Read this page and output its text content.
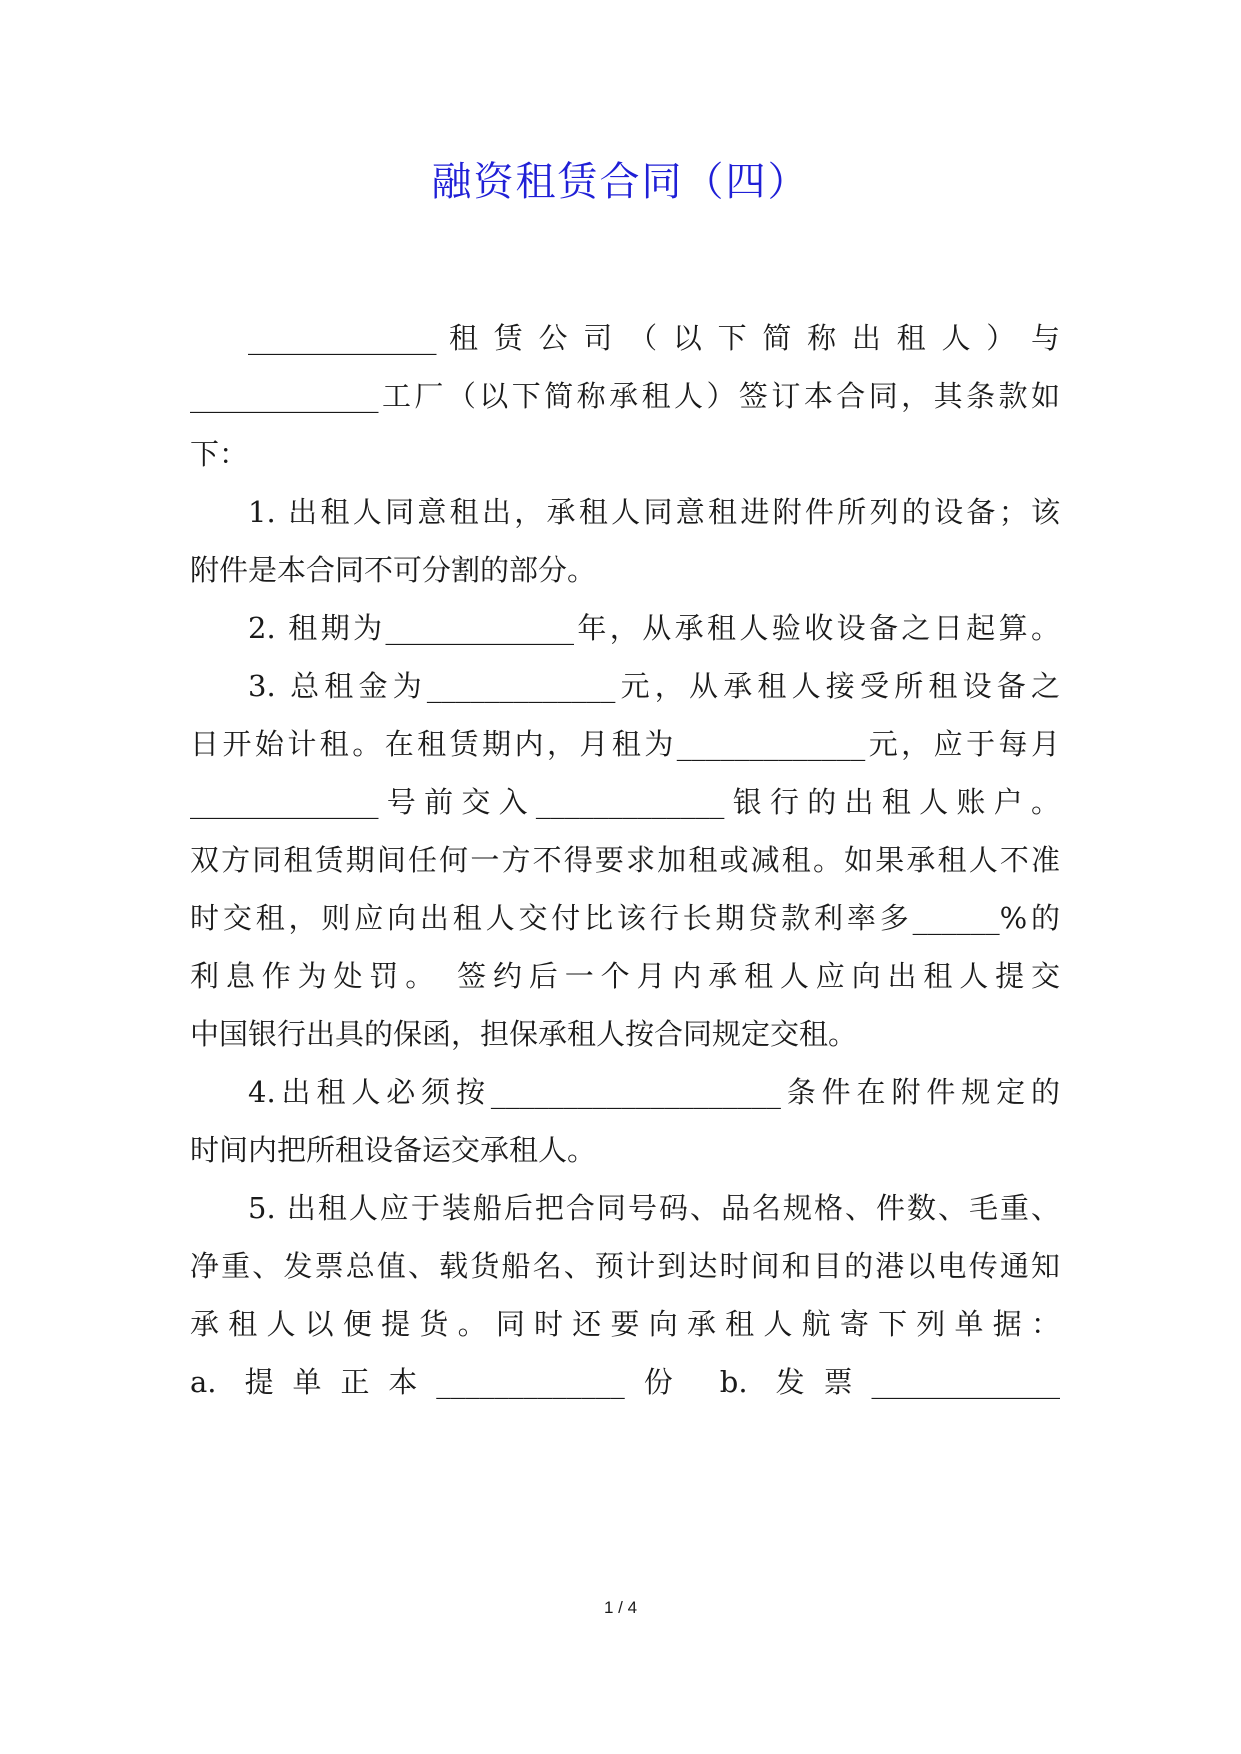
融资租赁合同（四）
_____________ 租 赁 公 司 （ 以 下 简 称 出 租 人 ） 与
_____________工厂（以下简称承租人）签订本合同，其条款如
下：
1. 出租人同意租出，承租人同意租进附件所列的设备；该
附件是本合同不可分割的部分。
2. 租期为_____________年，从承租人验收设备之日起算。
3. 总租金为_____________元，从承租人接受所租设备之
日开始计租。在租赁期内，月租为_____________元，应于每月
_____________号前交入_____________银行的出租人账户。
双方同租赁期间任何一方不得要求加租或减租。如果承租人不准
时交租，则应向出租人交付比该行长期贷款利率多______%的
利息作为处罚。 签约后一个月内承租人应向出租人提交
中国银行出具的保函，担保承租人按合同规定交租。
4.出租人必须按____________________条件在附件规定的
时间内把所租设备运交承租人。
5. 出租人应于装船后把合同号码、品名规格、件数、毛重、
净重、发票总值、载货船名、预计到达时间和目的港以电传通知
承 租 人 以 便 提 货 。 同 时 还 要 向 承 租 人 航 寄 下 列 单 据 ：
a. 提单正本_____________份 b. 发票_____________
1 / 4
